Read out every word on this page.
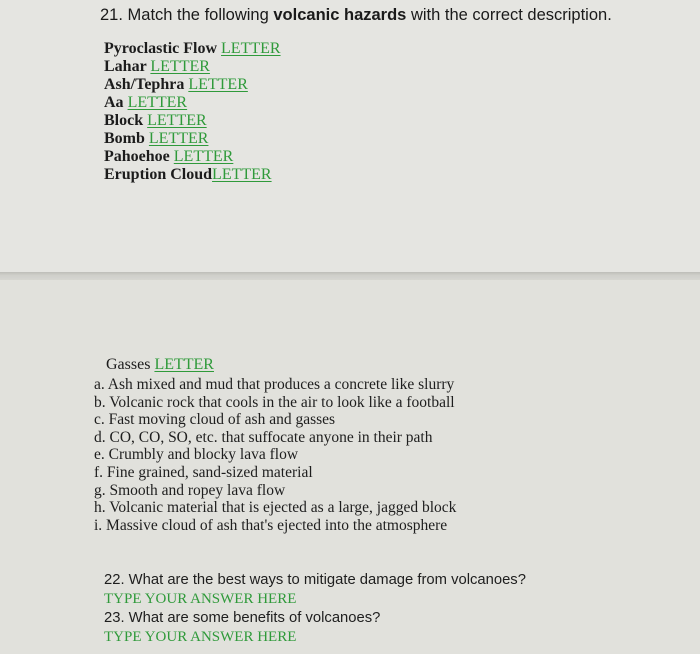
21. Match the following volcanic hazards with the correct description.
Pyroclastic Flow LETTER
Lahar LETTER
Ash/Tephra LETTER
Aa LETTER
Block LETTER
Bomb LETTER
Pahoehoe LETTER
Eruption CloudLETTER
Gasses LETTER
a. Ash mixed and mud that produces a concrete like slurry
b. Volcanic rock that cools in the air to look like a football
c. Fast moving cloud of ash and gasses
d. CO, CO, SO, etc. that suffocate anyone in their path
e. Crumbly and blocky lava flow
f. Fine grained, sand-sized material
g. Smooth and ropey lava flow
h. Volcanic material that is ejected as a large, jagged block
i. Massive cloud of ash that's ejected into the atmosphere
22. What are the best ways to mitigate damage from volcanoes?
TYPE YOUR ANSWER HERE
23. What are some benefits of volcanoes?
TYPE YOUR ANSWER HERE
